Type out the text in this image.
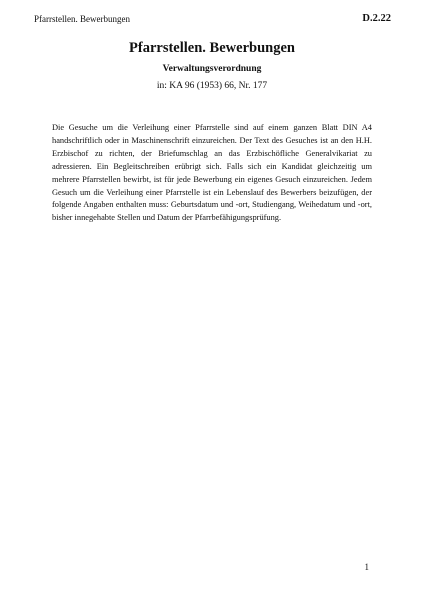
Pfarrstellen. Bewerbungen	D.2.22
Pfarrstellen. Bewerbungen
Verwaltungsverordnung
in: KA 96 (1953) 66, Nr. 177

Die Gesuche um die Verleihung einer Pfarrstelle sind auf einem ganzen Blatt DIN A4 handschriftlich oder in Maschinenschrift einzureichen. Der Text des Gesuches ist an den H.H. Erzbischof zu richten, der Briefumschlag an das Erzbischöfliche Generalvikariat zu adressieren. Ein Begleitschreiben erübrigt sich. Falls sich ein Kandidat gleichzeitig um mehrere Pfarrstellen bewirbt, ist für jede Bewerbung ein eigenes Gesuch einzureichen. Jedem Gesuch um die Verleihung einer Pfarrstelle ist ein Lebenslauf des Bewerbers beizufügen, der folgende Angaben enthalten muss: Geburtsdatum und -ort, Studiengang, Weihedatum und -ort, bisher innegehabte Stellen und Datum der Pfarrbefähigungsprüfung.

1
